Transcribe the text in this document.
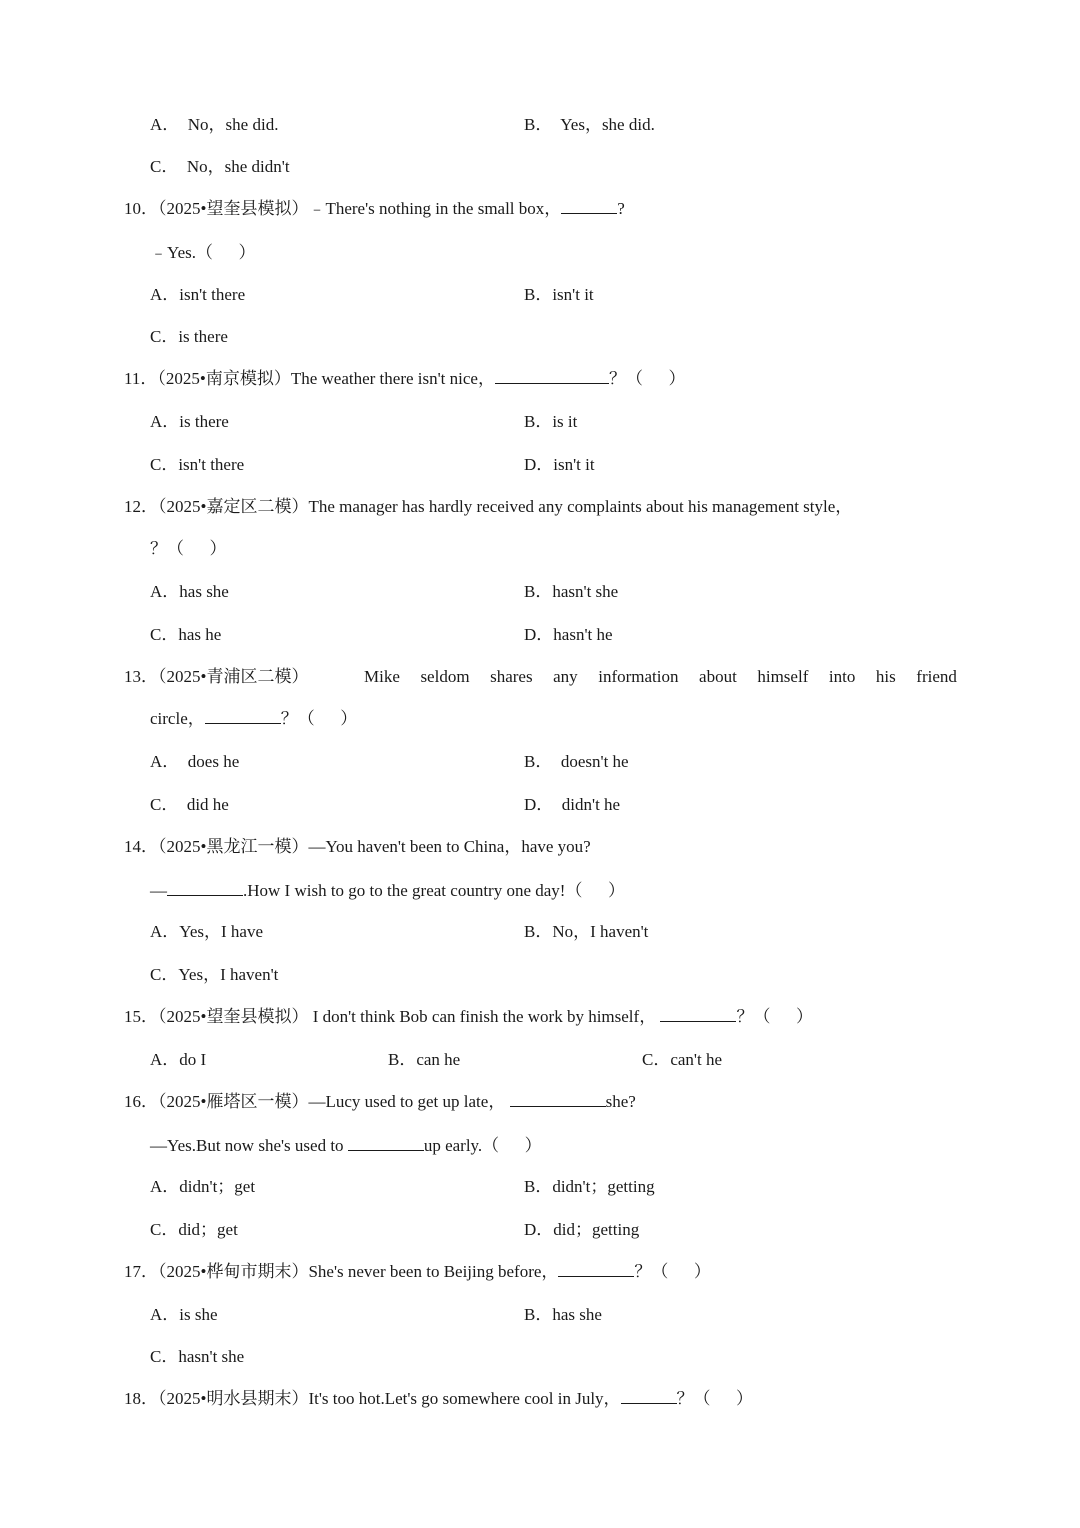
A．  No，she did.	B．  Yes，she did.
C．  No，she didn't
10．（2025•望奎县模拟）﹣There's nothing in the small box，	?
﹣Yes.（      ）
A．isn't there	B．isn't it
C．is there
11．（2025•南京模拟）The weather there isn't nice，	？（      ）
A．is there	B．is it
C．isn't there	D．isn't it
12．（2025•嘉定区二模）The manager has hardly received any complaints about his management style，
？（      ）
A．has she	B．hasn't she
C．has he	D．hasn't he
13．（2025•青浦区二模）	Mike seldom shares any information about himself into his friend
circle，	？（      ）
A．  does he	B．  doesn't he
C．  did he	D．  didn't he
14．（2025•黑龙江一模）—You haven't been to China，have you?
—	.How I wish to go to the great country one day!（      ）
A．Yes，I have	B．No，I haven't
C．Yes，I haven't
15．（2025•望奎县模拟） I don't think Bob can finish the work by himself，	？（      ）
A．do I	B．can he	C．can't he
16．（2025•雁塔区一模）—Lucy used to get up late，	she?
—Yes.But now she's used to	up early.（      ）
A．didn't；get	B．didn't；getting
C．did；get	D．did；getting
17．（2025•桦甸市期末）She's never been to Beijing before，	？（      ）
A．is she	B．has she
C．hasn't she
18．（2025•明水县期末）It's too hot.Let's go somewhere cool in July，	？（      ）
